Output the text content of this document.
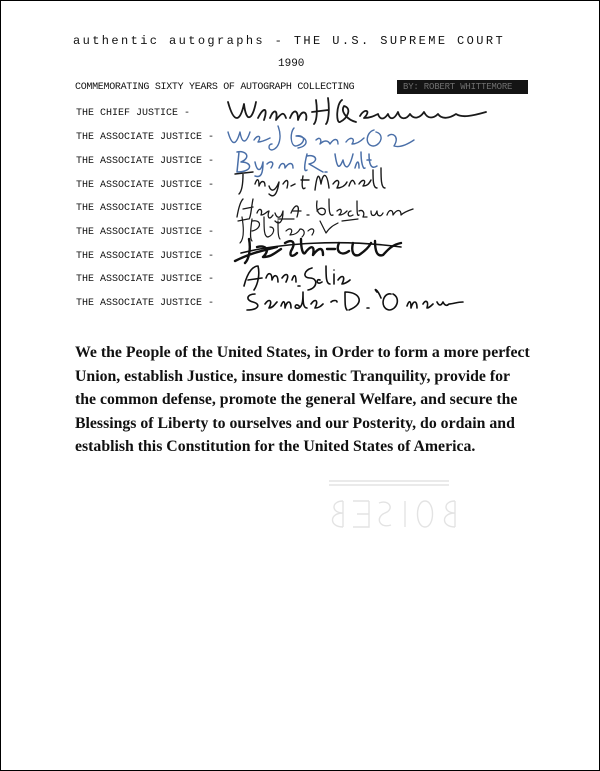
authentic autographs - THE U.S. SUPREME COURT
1990
COMMEMORATING SIXTY YEARS OF AUTOGRAPH COLLECTING	BY: ROBERT WHITTEMORE
THE CHIEF JUSTICE -
THE ASSOCIATE JUSTICE -
THE ASSOCIATE JUSTICE -
THE ASSOCIATE JUSTICE -
THE ASSOCIATE JUSTICE
THE ASSOCIATE JUSTICE -
THE ASSOCIATE JUSTICE -
THE ASSOCIATE JUSTICE -
THE ASSOCIATE JUSTICE -
We the People of the United States, in Order to form a more perfect
Union, establish Justice, insure domestic Tranquility, provide for
the common defense, promote the general Welfare, and secure the
Blessings of Liberty to ourselves and our Posterity, do ordain and
establish this Constitution for the United States of America.
